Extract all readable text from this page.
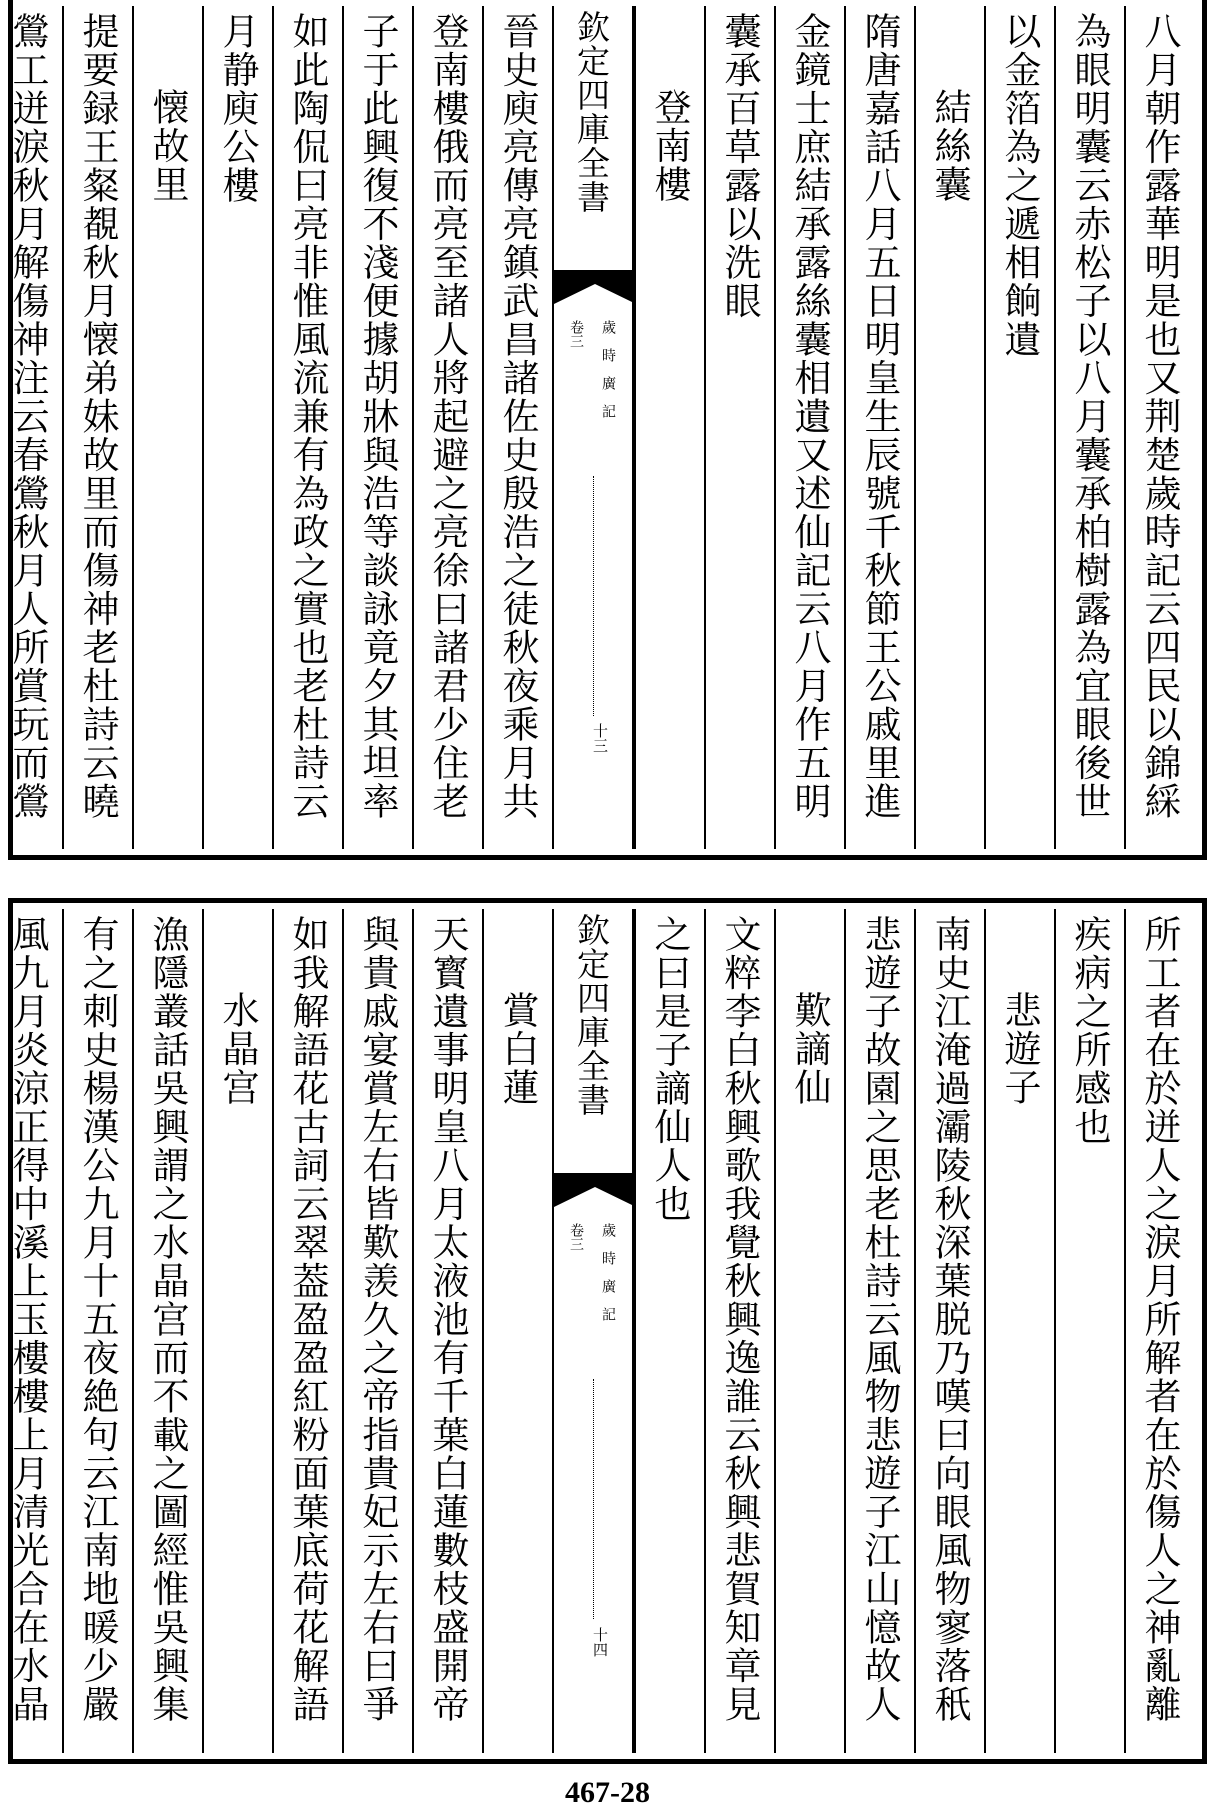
八月朝作露華明是也又荆楚歲時記云四民以錦綵
為眼明囊云赤松子以八月囊承柏樹露為宜眼後世
以金箔為之遞相餉遺
結絲囊
隋唐嘉話八月五日明皇生辰號千秋節王公戚里進
金鏡士庶結承露絲囊相遺又述仙記云八月作五明
囊承百草露以洗眼
登南樓
欽定四庫全書
卷三 歲時廣記
十三
晉史庾亮傳亮鎮武昌諸佐史殷浩之徒秋夜乘月共
登南樓俄而亮至諸人將起避之亮徐曰諸君少住老
子于此興復不淺便據胡牀與浩等談詠竟夕其坦率
如此陶侃曰亮非惟風流兼有為政之實也老杜詩云
月静庾公樓
懐故里
提要録王粲覩秋月懐弟妹故里而傷神老杜詩云曉
鶯工迸淚秋月解傷神注云春鶯秋月人所賞玩而鶯
所工者在於迸人之淚月所解者在於傷人之神亂離
疾病之所感也
悲遊子
南史江淹過灞陵秋深葉脱乃嘆曰向眼風物寥落秖
悲遊子故園之思老杜詩云風物悲遊子江山憶故人
歎謫仙
文粹李白秋興歌我覺秋興逸誰云秋興悲賀知章見
之曰是子謫仙人也
欽定四庫全書
卷三 歲時廣記
十四
賞白蓮
天寳遺事明皇八月太液池有千葉白蓮數枝盛開帝
與貴戚宴賞左右皆歎羡久之帝指貴妃示左右曰爭
如我解語花古詞云翠葢盈盈紅粉面葉底荷花解語
水晶宫
漁隱叢話吳興謂之水晶宫而不載之圖經惟吳興集
有之刺史楊漢公九月十五夜絶句云江南地暖少嚴
風九月炎涼正得中溪上玉樓樓上月清光合在水晶
467-28
